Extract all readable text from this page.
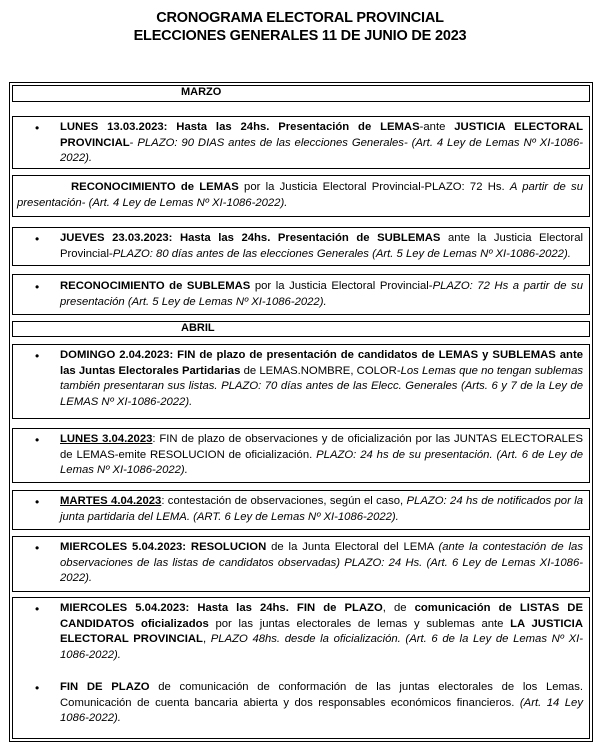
CRONOGRAMA ELECTORAL PROVINCIAL
ELECCIONES GENERALES 11 DE JUNIO DE 2023
MARZO
• LUNES 13.03.2023: Hasta las 24hs. Presentación de LEMAS-ante JUSTICIA ELECTORAL PROVINCIAL- PLAZO: 90 DIAS antes de las elecciones Generales- (Art. 4 Ley de Lemas Nº XI-1086-2022).
RECONOCIMIENTO de LEMAS por la Justicia Electoral Provincial-PLAZO: 72 Hs. A partir de su presentación- (Art. 4 Ley de Lemas Nº XI-1086-2022).
• JUEVES 23.03.2023: Hasta las 24hs. Presentación de SUBLEMAS ante la Justicia Electoral Provincial-PLAZO: 80 días antes de las elecciones Generales (Art. 5 Ley de Lemas Nº XI-1086-2022).
• RECONOCIMIENTO de SUBLEMAS por la Justicia Electoral Provincial-PLAZO: 72 Hs a partir de su presentación (Art. 5 Ley de Lemas Nº XI-1086-2022).
ABRIL
• DOMINGO 2.04.2023: FIN de plazo de presentación de candidatos de LEMAS y SUBLEMAS ante las Juntas Electorales Partidarias de LEMAS.NOMBRE, COLOR-Los Lemas que no tengan sublemas también presentaran sus listas. PLAZO: 70 días antes de las Elecc. Generales (Arts. 6 y 7 de la Ley de LEMAS Nº XI-1086-2022).
• LUNES 3.04.2023: FIN de plazo de observaciones y de oficialización por las JUNTAS ELECTORALES de LEMAS-emite RESOLUCION de oficialización. PLAZO: 24 hs de su presentación. (Art. 6 de Ley de Lemas Nº XI-1086-2022).
• MARTES 4.04.2023: contestación de observaciones, según el caso, PLAZO: 24 hs de notificados por la junta partidaria del LEMA. (ART. 6 Ley de Lemas Nº XI-1086-2022).
• MIERCOLES 5.04.2023: RESOLUCION de la Junta Electoral del LEMA (ante la contestación de las observaciones de las listas de candidatos observadas) PLAZO: 24 Hs. (Art. 6 Ley de Lemas XI-1086-2022).
• MIERCOLES 5.04.2023: Hasta las 24hs. FIN de PLAZO, de comunicación de LISTAS DE CANDIDATOS oficializados por las juntas electorales de lemas y sublemas ante LA JUSTICIA ELECTORAL PROVINCIAL, PLAZO 48hs. desde la oficialización. (Art. 6 de la Ley de Lemas Nº XI-1086-2022).
• FIN DE PLAZO de comunicación de conformación de las juntas electorales de los Lemas. Comunicación de cuenta bancaria abierta y dos responsables económicos financieros. (Art. 14 Ley 1086-2022).
